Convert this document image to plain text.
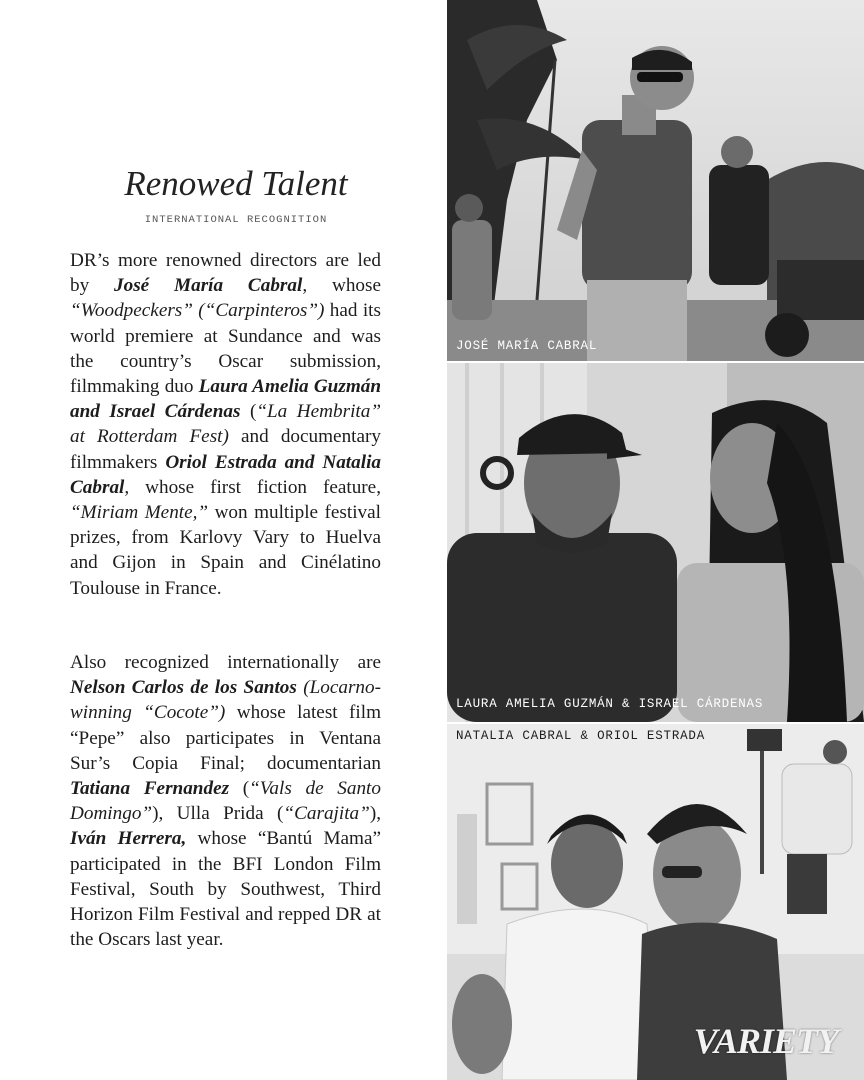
Renowed Talent
INTERNATIONAL RECOGNITION

DR’s more renowned directors are led by José María Cabral, whose “Woodpeckers” (“Carpinteros”) had its world premiere at Sundance and was the country’s Oscar submission, filmmaking duo Laura Amelia Guzmán and Israel Cárdenas (“La Hembrita” at Rotterdam Fest) and documentary filmmakers Oriol Estrada and Natalia Cabral, whose first fiction feature, “Miriam Mente,” won multiple festival prizes, from Karlovy Vary to Huelva and Gijon in Spain and Cinélatino Toulouse in France.

Also recognized internationally are Nelson Carlos de los Santos (Locarno-winning “Cocote”) whose latest film “Pepe” also participates in Ventana Sur’s Copia Final; documentarian Tatiana Fernandez (“Vals de Santo Domingo”), Ulla Prida (“Carajita”), Iván Herrera, whose “Bantú Mama” participated in the BFI London Film Festival, South by Southwest, Third Horizon Film Festival and repped DR at the Oscars last year.

JOSÉ MARÍA CABRAL
LAURA AMELIA GUZMÁN & ISRAEL CÁRDENAS
NATALIA CABRAL & ORIOL ESTRADA
VARIETY
